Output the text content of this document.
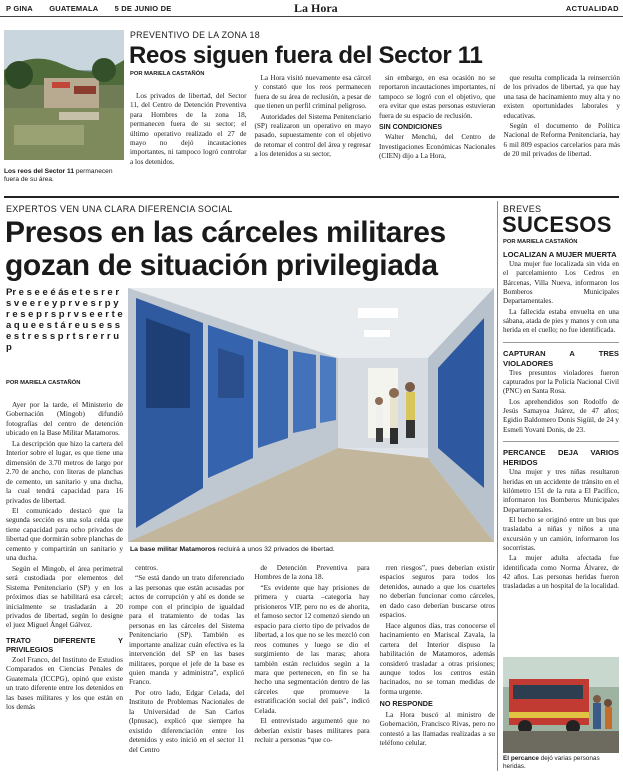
P GINA GUATEMALA 5 DE JUNIO DE	La Hora	ACTUALIDAD
Los reos del Sector 11 permanecen fuera de su área.
PREVENTIVO DE LA ZONA 18
Reos siguen fuera del Sector 11
POR MARIELA CASTAÑÓN

Los privados de libertad, del Sector 11, del Centro de Detención Preventiva para Hombres de la zona 18, permanecen fuera de su sector; el último operativo realizado el 27 de mayo no dejó incautaciones importantes, ni tampoco logró controlar a los detenidos.

La Hora visitó nuevamente esa cárcel y constató que los reos permanecen fuera de su área de reclusión, a pesar de que tienen un perfil criminal peligroso.

Autoridades del Sistema Penitenciario (SP) realizaron un operativo en mayo pasado, supuestamente con el objetivo de retomar el control del área y regresar a los detenidos a su sector,

sin embargo, en esa ocasión no se reportaron incautaciones importantes, ni tampoco se logró con el objetivo, que era evitar que estas personas estuvieran fuera de su espacio de reclusión.

SIN CONDICIONES

Walter Menchú, del Centro de Investigaciones Económicas Nacionales (CIEN) dijo a La Hora,

que resulta complicada la reinserción de los privados de libertad, ya que hay una tasa de hacinamiento muy alta y no existen oportunidades laborales y educativas.

Según el documento de Política Nacional de Reforma Penitenciaria, hay 6 mil 809 espacios carcelarios para más de 20 mil privados de libertad.

EXPERTOS VEN UNA CLARA DIFERENCIA SOCIAL
Presos en las cárceles militares gozan de situación privilegiada
Pr e s e e é ás e t e s r e r s v e e r e y p r v e s r p y r e s e p r s p r v s e e r t e a q u e e s t á r e u s e s s e s t r e s s p r t s r e r r u p
POR MARIELA CASTAÑÓN
La base militar Matamoros recluirá a unos 32 privados de libertad.

Ayer por la tarde, el Ministerio de Gobernación (Mingob) difundió fotografías del centro de detención ubicado en la Base Militar Matamoros.

La descripción que hizo la cartera del Interior sobre el lugar, es que tiene una dimensión de 3.70 metros de largo por 2.70 de ancho, con literas de planchas de cemento, un sanitario y una ducha, la cual tendrá capacidad para 16 privados de libertad.

El comunicado destacó que la segunda sección es una sola celda que tiene capacidad para ocho privados de libertad que dormirán sobre planchas de cemento y compartirán un sanitario y una ducha.

Según el Mingob, el área perimetral será custodiada por elementos del Sistema Penitenciario (SP) y en los próximos días se habilitará esa cárcel; inicialmente se trasladarán a 20 privados de libertad, según lo designe el juez Miguel Ángel Gálvez.

TRATO DIFERENTE Y PRIVILEGIOS

Zoel Franco, del Instituto de Estudios Comparados en Ciencias Penales de Guatemala (ICCPG), opinó que existe un trato diferente entre los detenidos en las bases militares y los que están en los demás

centros.

“Se está dando un trato diferenciado a las personas que están acusadas por actos de corrupción y ahí es donde se rompe con el principio de igualdad para el tratamiento de todas las personas en las cárceles del Sistema Penitenciario (SP). También es importante analizar cuán efectiva es la intervención del SP en las bases militares, porque el jefe de la base es quien manda y administra”, explicó Franco.

Por otro lado, Edgar Celada, del Instituto de Problemas Nacionales de la Universidad de San Carlos (Ipnusac), explicó que siempre ha existido diferenciación entre los detenidos y esto inició en el sector 11 del Centro

de Detención Preventiva para Hombres de la zona 18.

“Es evidente que hay prisiones de primera y cuarta –categoría hay prisioneros VIP, pero no es de ahorita, el famoso sector 12 comenzó siendo un espacio para cierto tipo de privados de libertad, a los que no se les mezcló con reos comunes y luego se dio el surgimiento de las maras; ahora también están recluidos según a la mara que pertenecen, en fin se ha hecho una segmentación dentro de las cárceles que promueve la estratificación social del país”, indicó Celada.

El entrevistado argumentó que no deberían existir bases militares para recluir a personas “que co-

rren riesgos”, pues deberían existir espacios seguros para todos los detenidos, aunado a que los cuarteles no deberían funcionar como cárceles, en dado caso deberían buscarse otros espacios.

Hace algunos días, tras conocerse el hacinamiento en Mariscal Zavala, la cartera del Interior dispuso la habilitación de Matamoros, además consideró trasladar a otras prisiones; aunque todos los centros están hacinados, no se toman medidas de forma urgente.

NO RESPONDE

La Hora buscó al ministro de Gobernación, Francisco Rivas, pero no contestó a las llamadas realizadas a su teléfono celular.

BREVES
SUCESOS
POR MARIELA CASTAÑÓN
LOCALIZAN A MUJER MUERTA

Una mujer fue localizada sin vida en el parcelamiento Los Cedros en Bárcenas, Villa Nueva, informaron los Bomberos Municipales Departamentales.

La fallecida estaba envuelta en una sábana, atada de pies y manos y con una herida en el cuello; no fue identificada.

CAPTURAN A TRES VIOLADORES

Tres presuntos violadores fueron capturados por la Policía Nacional Civil (PNC) en Santa Rosa.

Los aprehendidos son Rodolfo de Jesús Samayoa Juárez, de 47 años; Egidio Baldomero Donis Sigüil, de 24 y Esmeli Yovani Donis, de 23.

PERCANCE DEJA VARIOS HERIDOS

Una mujer y tres niñas resultaron heridas en un accidente de tránsito en el kilómetro 151 de la ruta a El Pacífico, informaron los Bomberos Municipales Departamentales.

El hecho se originó entre un bus que trasladaba a niñas y niños a una excursión y un camión, informaron los socorristas.

La mujer adulta afectada fue identificada como Norma Álvarez, de 42 años. Las personas heridas fueron trasladadas a un hospital de la localidad.

El percance dejó varias personas heridas.
